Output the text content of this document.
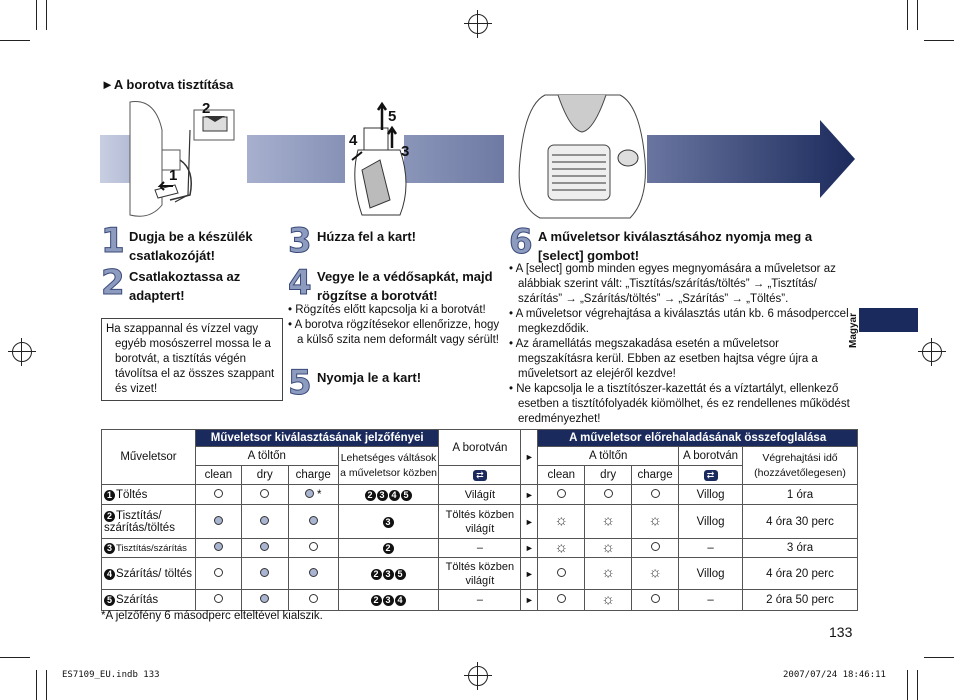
►A borotva tisztítása
Magyar
1
2
3
4
5
1 Dugja be a készülék csatlakozóját!
2 Csatlakoztassa az adaptert!
Ha szappannal és vízzel vagy egyéb mosószerrel mossa le a borotvát, a tisztítás végén távolítsa el az összes szappant és vizet!
3 Húzza fel a kart!
4 Vegye le a védősapkát, majd rögzítse a borotvát!
• Rögzítés előtt kapcsolja ki a borotvát!
• A borotva rögzítésekor ellenőrizze, hogy a külső szita nem deformált vagy sérült!
5 Nyomja le a kart!
6 A műveletsor kiválasztásához nyomja meg a [select] gombot!
• A [select] gomb minden egyes megnyomására a műveletsor az alábbiak szerint vált: „Tisztítás/szárítás/töltés” → „Tisztítás/ szárítás” → „Szárítás/töltés” → „Szárítás” → „Töltés”.
• A műveletsor végrehajtása a kiválasztás után kb. 6 másodperccel megkezdődik.
• Az áramellátás megszakadása esetén a műveletsor megszakításra kerül. Ebben az esetben hajtsa végre újra a műveletsort az elejéről kezdve!
• Ne kapcsolja le a tisztítószer-kazettát és a víztartályt, ellenkező esetben a tisztítófolyadék kiömölhet, és ez rendellenes működést eredményezhet!
Műveletsor	Műveletsor kiválasztásának jelzőfényei				A borotván	►	A műveletsor előrehaladásának összefoglalása				
	A töltőn			Lehetséges váltások a műveletsor közben			A töltőn			A borotván	Végrehajtási idő (hozzávetőlegesen)
	clean	dry	charge		⇄		clean	dry	charge	⇄	
1 Töltés			*	2 3 4 5	Világít	►				Villog	1 óra
2 Tisztítás/ szárítás/töltés				3	Töltés közben világít	►	☼	☼	☼	Villog	4 óra 30 perc
3 Tisztítás/szárítás				2	–	►	☼	☼		–	3 óra
4 Szárítás/ töltés				2 3 5	Töltés közben világít	►		☼	☼	Villog	4 óra 20 perc
5 Szárítás				2 3 4	–	►		☼		–	2 óra 50 perc
*A jelzőfény 6 másodperc elteltével kialszik.
133
ES7109_EU.indb 133	2007/07/24 18:46:11
